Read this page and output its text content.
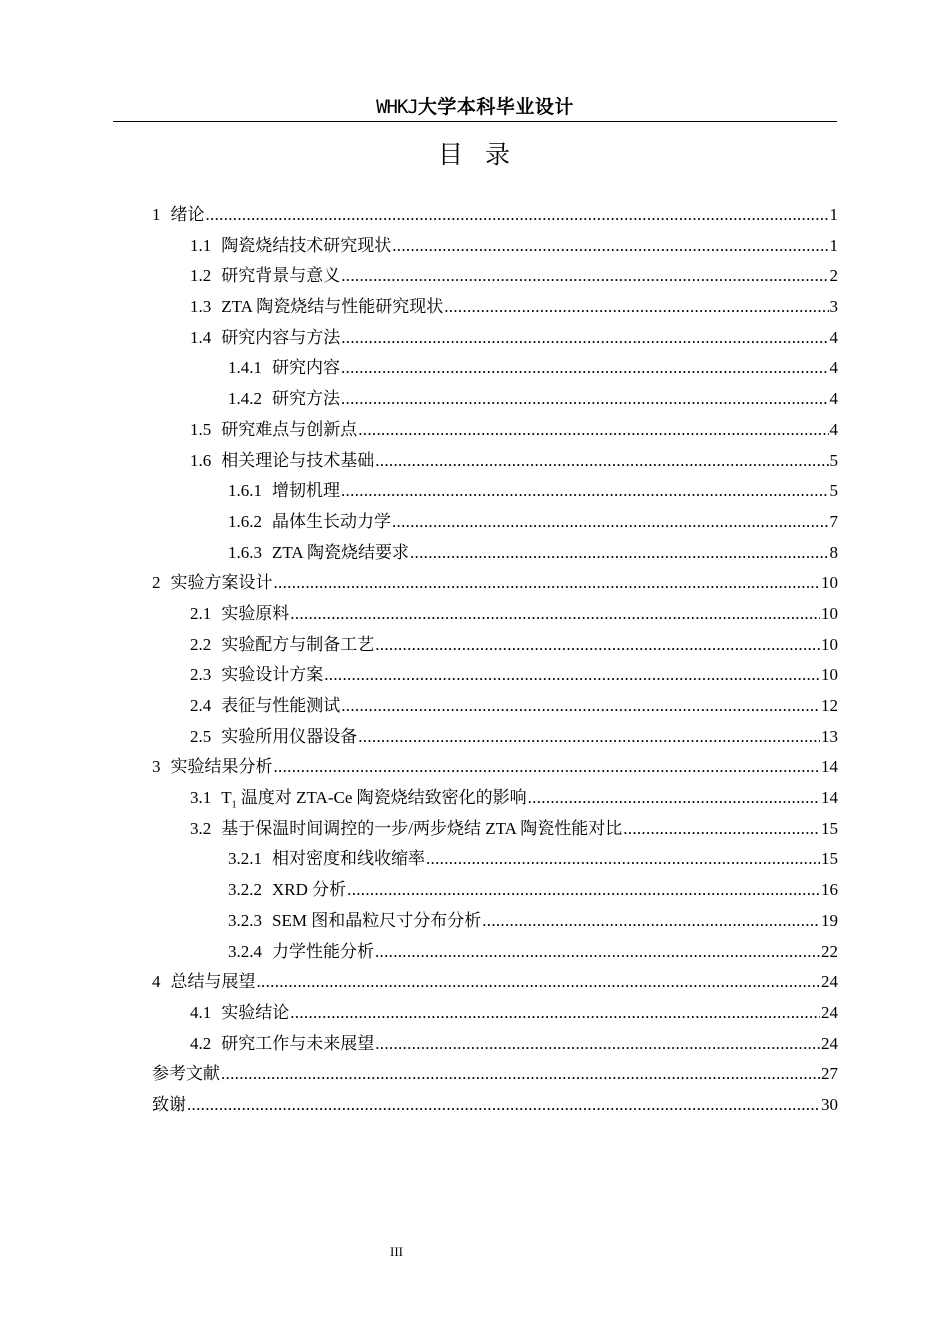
WHKJ大学本科毕业设计
目  录
1 绪论 .....	1
1.1 陶瓷烧结技术研究现状 .....	1
1.2 研究背景与意义 .....	2
1.3 ZTA 陶瓷烧结与性能研究现状 .....	3
1.4 研究内容与方法 .....	4
1.4.1 研究内容 .....	4
1.4.2 研究方法 .....	4
1.5 研究难点与创新点 .....	4
1.6 相关理论与技术基础 .....	5
1.6.1 增韧机理 .....	5
1.6.2 晶体生长动力学 .....	7
1.6.3 ZTA 陶瓷烧结要求 .....	8
2 实验方案设计 .....	10
2.1 实验原料 .....	10
2.2 实验配方与制备工艺 .....	10
2.3 实验设计方案 .....	10
2.4 表征与性能测试 .....	12
2.5 实验所用仪器设备 .....	13
3 实验结果分析 .....	14
3.1 $T_1$ 温度对 ZTA-Ce 陶瓷烧结致密化的影响 .....	14
3.2 基于保温时间调控的一步/两步烧结 ZTA 陶瓷性能对比 .....	15
3.2.1 相对密度和线收缩率 .....	15
3.2.2 XRD 分析 .....	16
3.2.3 SEM 图和晶粒尺寸分布分析 .....	19
3.2.4 力学性能分析 .....	22
4 总结与展望 .....	24
4.1 实验结论 .....	24
4.2 研究工作与未来展望 .....	24
参考文献 .....	27
致谢 .....	30
III
